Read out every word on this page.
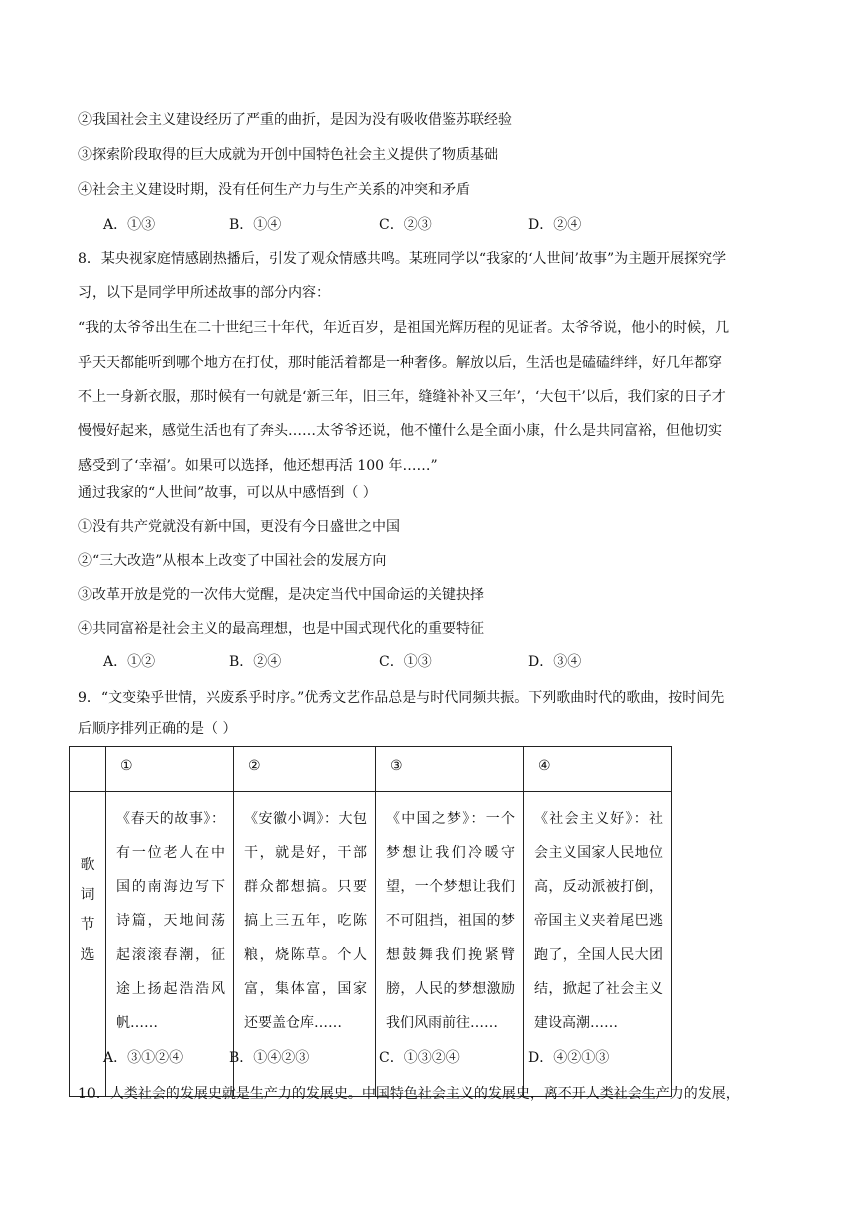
②我国社会主义建设经历了严重的曲折，是因为没有吸收借鉴苏联经验
③探索阶段取得的巨大成就为开创中国特色社会主义提供了物质基础
④社会主义建设时期，没有任何生产力与生产关系的冲突和矛盾
A．①③	B．①④	C．②③	D．②④
8．某央视家庭情感剧热播后，引发了观众情感共鸣。某班同学以“我家的‘人世间’故事”为主题开展探究学
习，以下是同学甲所述故事的部分内容：
“我的太爷爷出生在二十世纪三十年代，年近百岁，是祖国光辉历程的见证者。太爷爷说，他小的时候，几
乎天天都能听到哪个地方在打仗，那时能活着都是一种奢侈。解放以后，生活也是磕磕绊绊，好几年都穿
不上一身新衣服，那时候有一句就是‘新三年，旧三年，缝缝补补又三年’，‘大包干’以后，我们家的日子才
慢慢好起来，感觉生活也有了奔头……太爷爷还说，他不懂什么是全面小康，什么是共同富裕，但他切实
感受到了‘幸福’。如果可以选择，他还想再活 100 年……”
通过我家的“人世间”故事，可以从中感悟到（ ）
①没有共产党就没有新中国，更没有今日盛世之中国
②“三大改造”从根本上改变了中国社会的发展方向
③改革开放是党的一次伟大觉醒，是决定当代中国命运的关键抉择
④共同富裕是社会主义的最高理想，也是中国式现代化的重要特征
A．①②	B．②④	C．①③	D．③④
9．“文变染乎世情，兴废系乎时序。”优秀文艺作品总是与时代同频共振。下列歌曲时代的歌曲，按时间先
后顺序排列正确的是（ ）

	①	②	③	④

歌
词
节
选	《春天的故事》：有一位老人在中国的南海边写下诗篇，天地间荡起滚滚春潮，征途上扬起浩浩风帆……	《安徽小调》：大包干，就是好，干部群众都想搞。只要搞上三五年，吃陈粮，烧陈草。个人富，集体富，国家还要盖仓库……	《中国之梦》：一个梦想让我们冷暖守望，一个梦想让我们不可阻挡，祖国的梦想鼓舞我们挽紧臂膀，人民的梦想激励我们风雨前往……	《社会主义好》：社会主义国家人民地位高，反动派被打倒，帝国主义夹着尾巴逃跑了，全国人民大团结，掀起了社会主义建设高潮……
A．③①②④	B．①④②③	C．①③②④	D．④②①③
10．人类社会的发展史就是生产力的发展史。中国特色社会主义的发展史，离不开人类社会生产力的发展，
